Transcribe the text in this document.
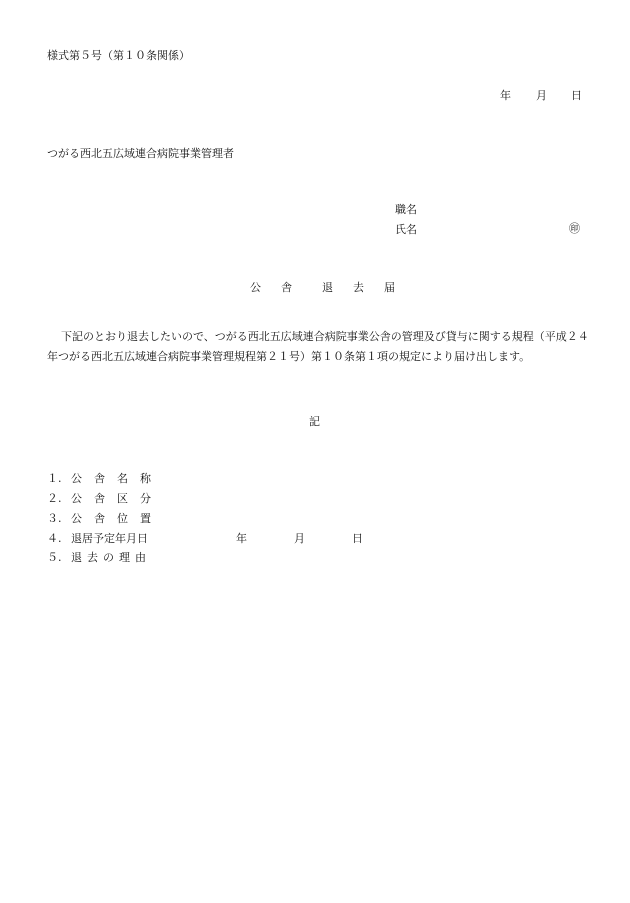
様式第５号（第１０条関係）
年 月 日
つがる西北五広域連合病院事業管理者
職名
氏名	㊞
公 舎	退 去 届
下記のとおり退去したいので、つがる西北五広域連合病院事業公舎の管理及び貸与に関する規程（平成２４年つがる西北五広域連合病院事業管理規程第２１号）第１０条第１項の規定により届け出します。
記
１. 公 舎 名 称
２. 公 舎 区 分
３. 公 舎 位 置
４. 退居予定年月日	年	月	日
５. 退 去 の 理 由
